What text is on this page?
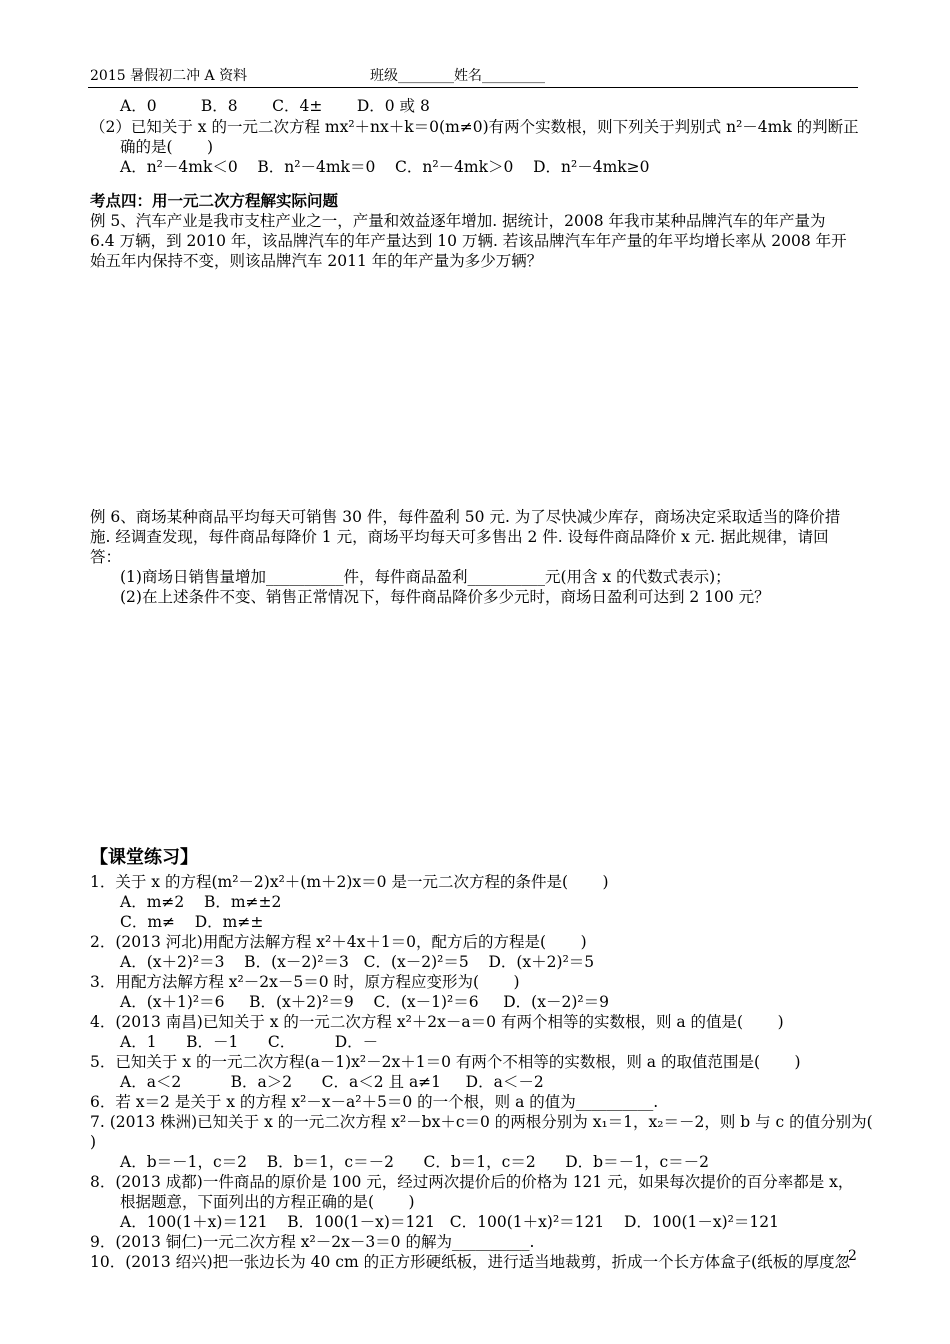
2015 暑假初二冲 A 资料	班级________姓名_________
A．0         B．8       C．4±       D．0 或 8
（2）已知关于 x 的一元二次方程 mx²＋nx＋k＝0(m≠0)有两个实数根，则下列关于判别式 n²－4mk 的判断正
确的是(       )
A．n²－4mk＜0    B．n²－4mk＝0    C．n²－4mk＞0    D．n²－4mk≥0
考点四：用一元二次方程解实际问题
例 5、汽车产业是我市支柱产业之一，产量和效益逐年增加. 据统计，2008 年我市某种品牌汽车的年产量为
6.4 万辆，到 2010 年，该品牌汽车的年产量达到 10 万辆. 若该品牌汽车年产量的年平均增长率从 2008 年开
始五年内保持不变，则该品牌汽车 2011 年的年产量为多少万辆？
例 6、商场某种商品平均每天可销售 30 件，每件盈利 50 元. 为了尽快减少库存，商场决定采取适当的降价措
施. 经调查发现，每件商品每降价 1 元，商场平均每天可多售出 2 件. 设每件商品降价 x 元. 据此规律，请回
答：
(1)商场日销售量增加__________件，每件商品盈利__________元(用含 x 的代数式表示)；
(2)在上述条件不变、销售正常情况下，每件商品降价多少元时，商场日盈利可达到 2 100 元？
【课堂练习】
1．关于 x 的方程(m²－2)x²＋(m＋2)x＝0 是一元二次方程的条件是(       )
A．m≠2    B．m≠±2
C．m≠    D．m≠±
2．(2013 河北)用配方法解方程 x²＋4x＋1＝0，配方后的方程是(       )
A．(x＋2)²＝3    B．(x－2)²＝3   C．(x－2)²＝5    D．(x＋2)²＝5
3．用配方法解方程 x²－2x－5＝0 时，原方程应变形为(       )
A．(x＋1)²＝6     B．(x＋2)²＝9    C．(x－1)²＝6     D．(x－2)²＝9
4．(2013 南昌)已知关于 x 的一元二次方程 x²＋2x－a＝0 有两个相等的实数根，则 a 的值是(       )
A．1      B．－1      C．        D．－
5．已知关于 x 的一元二次方程(a－1)x²－2x＋1＝0 有两个不相等的实数根，则 a 的取值范围是(       )
A．a＜2          B．a＞2      C．a＜2 且 a≠1     D．a＜－2
6．若 x＝2 是关于 x 的方程 x²－x－a²＋5＝0 的一个根，则 a 的值为__________.
7. (2013 株洲)已知关于 x 的一元二次方程 x²－bx＋c＝0 的两根分别为 x₁＝1，x₂＝－2，则 b 与 c 的值分别为(
)
A．b＝－1，c＝2    B．b＝1，c＝－2      C．b＝1，c＝2      D．b＝－1，c＝－2
8．(2013 成都)一件商品的原价是 100 元，经过两次提价后的价格为 121 元，如果每次提价的百分率都是 x，
根据题意，下面列出的方程正确的是(       )
A．100(1＋x)＝121    B．100(1－x)＝121   C．100(1＋x)²＝121    D．100(1－x)²＝121
9．(2013 铜仁)一元二次方程 x²－2x－3＝0 的解为__________.
10．(2013 绍兴)把一张边长为 40 cm 的正方形硬纸板，进行适当地裁剪，折成一个长方体盒子(纸板的厚度忽
2
